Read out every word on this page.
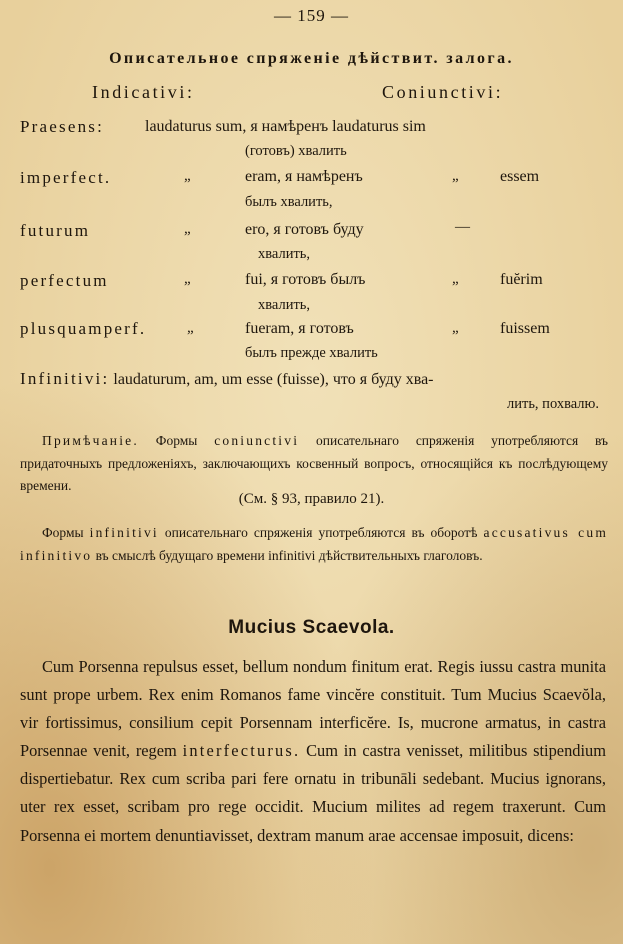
— 159 —
Описательное спряженіе дѣйствит. залога.
Indicativi:	Coniunctivi:
Praesens:	laudaturus sum, я намѣренъ laudaturus sim
(готовъ) хвалить
imperfect.	„	eram, я намѣренъ	„	essem
былъ хвалить,
futurum	„	ero, я готовъ буду	—
хвалить,
perfectum	„	fui, я готовъ былъ	„	fuĕrim
хвалить,
plusquamperf.	„	fueram, я готовъ	„	fuissem
былъ прежде хвалить
Infinitivi: laudaturum, am, um esse (fuisse), что я буду хва-
лить, похвалю.
Примѣчаніе. Формы coniunctivi описательнаго спряженія употребляются въ придаточныхъ предложеніяхъ, заключающихъ косвенный вопросъ, относящійся къ послѣдующему времени.
(См. § 93, правило 21).
Формы infinitivi описательнаго спряженія употребляются въ оборотѣ accusativus cum infinitivo въ смыслѣ будущаго времени infinitivi дѣйствительныхъ глаголовъ.
Mucius Scaevola.

Cum Porsenna repulsus esset, bellum nondum finitum erat. Regis iussu castra munita sunt prope urbem. Rex enim Romanos fame vincĕre constituit. Tum Mucius Scaevŏla, vir fortissimus, consilium cepit Porsennam interficĕre. Is, mucrone armatus, in castra Porsennae venit, regem interfecturus. Cum in castra venisset, militibus stipendium dispertiebatur. Rex cum scriba pari fere ornatu in tribunāli sedebant. Mucius ignorans, uter rex esset, scribam pro rege occidit. Mucium milites ad regem traxerunt. Cum Porsenna ei mortem denuntiavisset, dextram manum arae accensae imposuit, dicens:
